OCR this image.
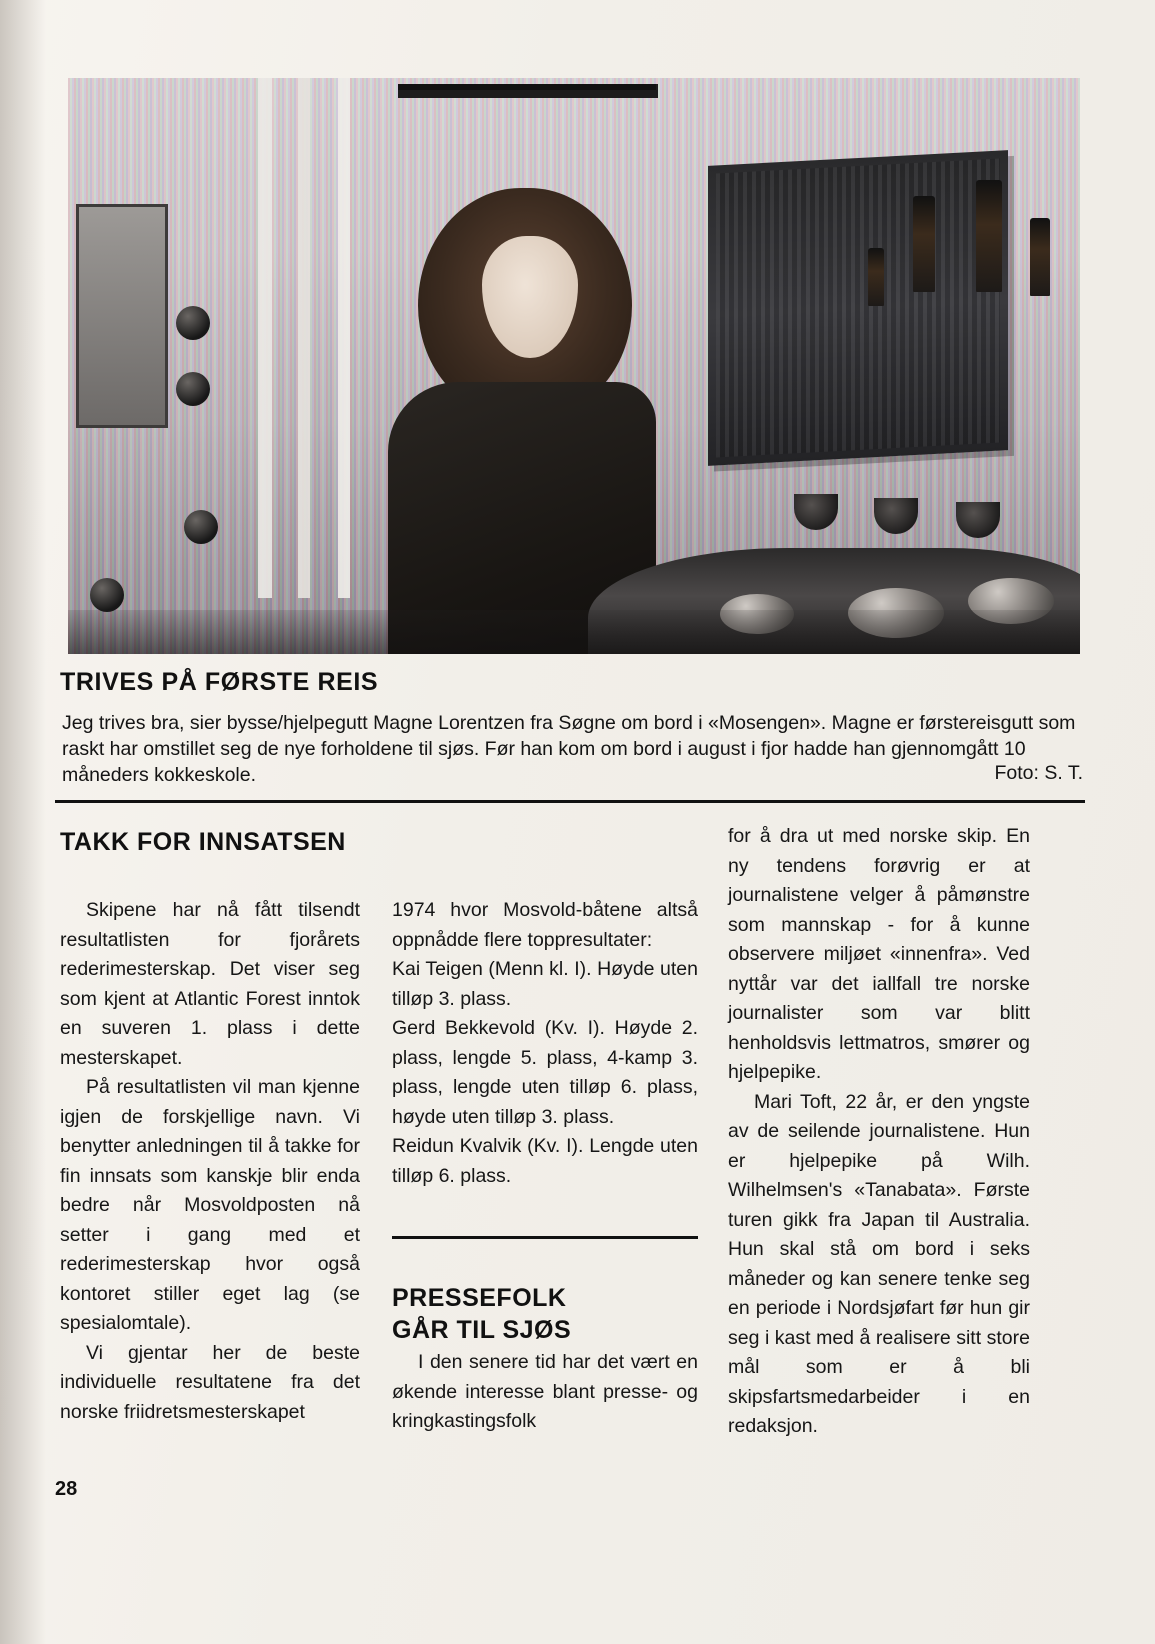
TRIVES PÅ FØRSTE REIS
Jeg trives bra, sier bysse/hjelpegutt Magne Lorentzen fra Søgne om bord i «Mosengen». Magne er førstereisgutt som raskt har omstillet seg de nye forholdene til sjøs. Før han kom om bord i august i fjor hadde han gjennomgått 10 måneders kokkeskole.	Foto: S. T.
TAKK FOR INNSATSEN

Skipene har nå fått tilsendt resultatlisten for fjorårets rederimesterskap. Det viser seg som kjent at Atlantic Forest inntok en suveren 1. plass i dette mesterskapet.

På resultatlisten vil man kjenne igjen de forskjellige navn. Vi benytter anledningen til å takke for fin innsats som kanskje blir enda bedre når Mosvoldposten nå setter i gang med et rederimesterskap hvor også kontoret stiller eget lag (se spesialomtale).

Vi gjentar her de beste individuelle resultatene fra det norske friidretsmesterskapet

1974 hvor Mosvold-båtene altså oppnådde flere toppresultater:

Kai Teigen (Menn kl. I). Høyde uten tilløp 3. plass.

Gerd Bekkevold (Kv. I). Høyde 2. plass, lengde 5. plass, 4-kamp 3. plass, lengde uten tilløp 6. plass, høyde uten tilløp 3. plass.

Reidun Kvalvik (Kv. I). Lengde uten tilløp 6. plass.

PRESSEFOLK
GÅR TIL SJØS

I den senere tid har det vært en økende interesse blant presse- og kringkastingsfolk

for å dra ut med norske skip. En ny tendens forøvrig er at journalistene velger å påmønstre som mannskap - for å kunne observere miljøet «innenfra». Ved nyttår var det iallfall tre norske journalister som var blitt henholdsvis lettmatros, smører og hjelpepike.

Mari Toft, 22 år, er den yngste av de seilende journalistene. Hun er hjelpepike på Wilh. Wilhelmsen's «Tanabata». Første turen gikk fra Japan til Australia. Hun skal stå om bord i seks måneder og kan senere tenke seg en periode i Nordsjøfart før hun gir seg i kast med å realisere sitt store mål som er å bli skipsfartsmedarbeider i en redaksjon.

28
